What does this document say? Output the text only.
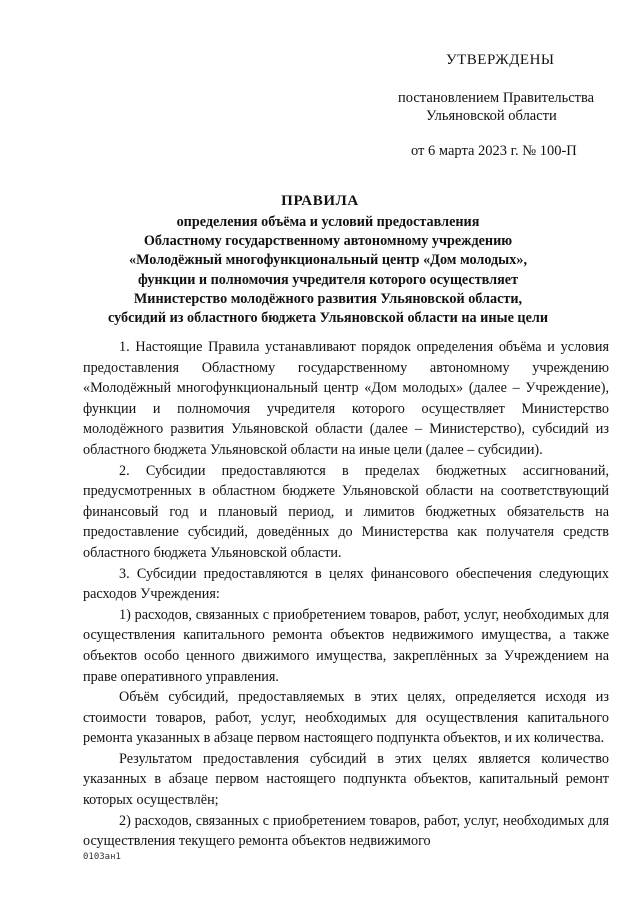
УТВЕРЖДЕНЫ
постановлением Правительства
Ульяновской области
от 6 марта 2023 г. № 100-П
ПРАВИЛА
определения объёма и условий предоставления
Областному государственному автономному учреждению
«Молодёжный многофункциональный центр «Дом молодых»,
функции и полномочия учредителя которого осуществляет
Министерство молодёжного развития Ульяновской области,
субсидий из областного бюджета Ульяновской области на иные цели

1. Настоящие Правила устанавливают порядок определения объёма и условия предоставления Областному государственному автономному учреждению «Молодёжный многофункциональный центр «Дом молодых» (далее – Учреждение), функции и полномочия учредителя которого осуществляет Министерство молодёжного развития Ульяновской области (далее – Министерство), субсидий из областного бюджета Ульяновской области на иные цели (далее – субсидии).

2. Субсидии предоставляются в пределах бюджетных ассигнований, предусмотренных в областном бюджете Ульяновской области на соответствующий финансовый год и плановый период, и лимитов бюджетных обязательств на предоставление субсидий, доведённых до Министерства как получателя средств областного бюджета Ульяновской области.

3. Субсидии предоставляются в целях финансового обеспечения следующих расходов Учреждения:

1) расходов, связанных с приобретением товаров, работ, услуг, необходимых для осуществления капитального ремонта объектов недвижимого имущества, а также объектов особо ценного движимого имущества, закреплённых за Учреждением на праве оперативного управления.

Объём субсидий, предоставляемых в этих целях, определяется исходя из стоимости товаров, работ, услуг, необходимых для осуществления капитального ремонта указанных в абзаце первом настоящего подпункта объектов, и их количества.

Результатом предоставления субсидий в этих целях является количество указанных в абзаце первом настоящего подпункта объектов, капитальный ремонт которых осуществлён;

2) расходов, связанных с приобретением товаров, работ, услуг, необходимых для осуществления текущего ремонта объектов недвижимого

0103ан1
